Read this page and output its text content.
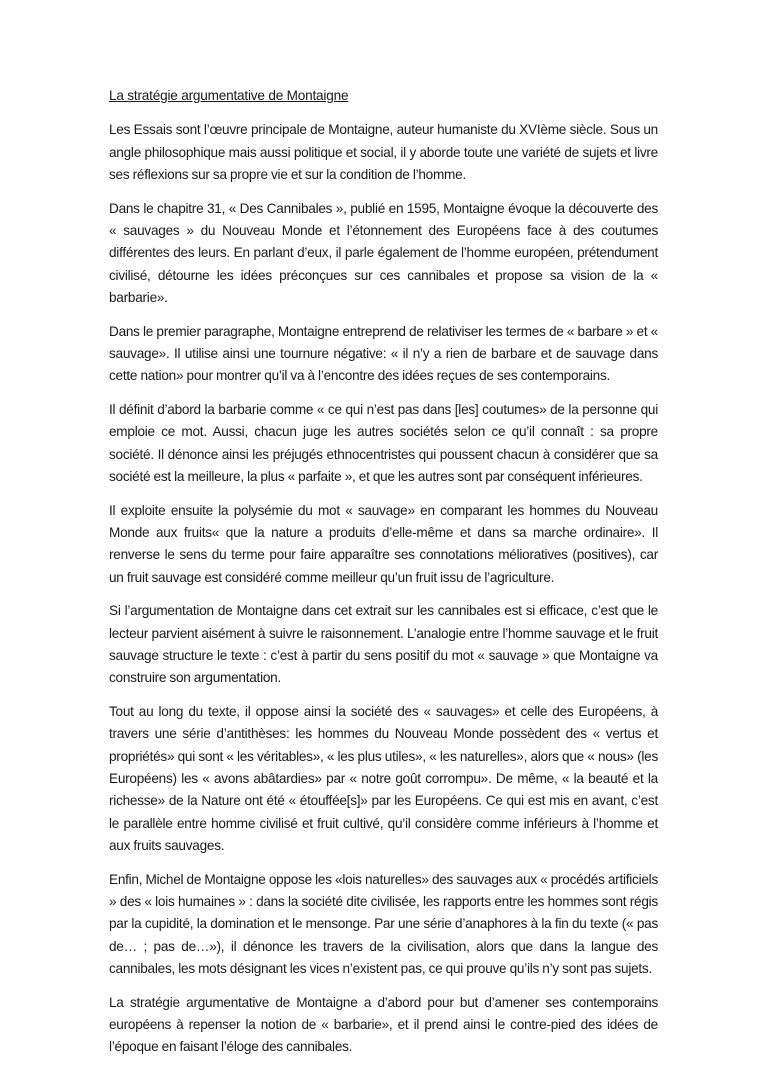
La stratégie argumentative de Montaigne

Les Essais sont l’œuvre principale de Montaigne, auteur humaniste du XVIème siècle. Sous un angle philosophique mais aussi politique et social, il y aborde toute une variété de sujets et livre ses réflexions sur sa propre vie et sur la condition de l’homme.

Dans le chapitre 31, « Des Cannibales », publié en 1595, Montaigne évoque la découverte des « sauvages » du Nouveau Monde et l’étonnement des Européens face à des coutumes différentes des leurs. En parlant d’eux, il parle également de l’homme européen, prétendument civilisé, détourne les idées préconçues sur ces cannibales et propose sa vision de la « barbarie».

Dans le premier paragraphe, Montaigne entreprend de relativiser les termes de « barbare » et « sauvage». Il utilise ainsi une tournure négative: « il n’y a rien de barbare et de sauvage dans cette nation» pour montrer qu’il va à l’encontre des idées reçues de ses contemporains.

Il définit d’abord la barbarie comme « ce qui n’est pas dans [les] coutumes» de la personne qui emploie ce mot. Aussi, chacun juge les autres sociétés selon ce qu’il connaît : sa propre société. Il dénonce ainsi les préjugés ethnocentristes qui poussent chacun à considérer que sa société est la meilleure, la plus « parfaite », et que les autres sont par conséquent inférieures.

Il exploite ensuite la polysémie du mot « sauvage» en comparant les hommes du Nouveau Monde aux fruits« que la nature a produits d’elle-même et dans sa marche ordinaire». Il renverse le sens du terme pour faire apparaître ses connotations mélioratives (positives), car un fruit sauvage est considéré comme meilleur qu’un fruit issu de l’agriculture.

Si l’argumentation de Montaigne dans cet extrait sur les cannibales est si efficace, c’est que le lecteur parvient aisément à suivre le raisonnement. L’analogie entre l’homme sauvage et le fruit sauvage structure le texte : c’est à partir du sens positif du mot « sauvage » que Montaigne va construire son argumentation.

Tout au long du texte, il oppose ainsi la société des « sauvages» et celle des Européens, à travers une série d’antithèses: les hommes du Nouveau Monde possèdent des « vertus et propriétés» qui sont « les véritables», « les plus utiles», « les naturelles», alors que « nous» (les Européens) les « avons abâtardies» par « notre goût corrompu». De même, « la beauté et la richesse» de la Nature ont été « étouffée[s]» par les Européens. Ce qui est mis en avant, c’est le parallèle entre homme civilisé et fruit cultivé, qu’il considère comme inférieurs à l’homme et aux fruits sauvages.

Enfin, Michel de Montaigne oppose les «lois naturelles» des sauvages aux « procédés artificiels » des « lois humaines » : dans la société dite civilisée, les rapports entre les hommes sont régis par la cupidité, la domination et le mensonge. Par une série d’anaphores à la fin du texte (« pas de… ; pas de…»), il dénonce les travers de la civilisation, alors que dans la langue des cannibales, les mots désignant les vices n’existent pas, ce qui prouve qu’ils n’y sont pas sujets.

La stratégie argumentative de Montaigne a d’abord pour but d’amener ses contemporains européens à repenser la notion de « barbarie», et il prend ainsi le contre-pied des idées de l’époque en faisant l’éloge des cannibales.
